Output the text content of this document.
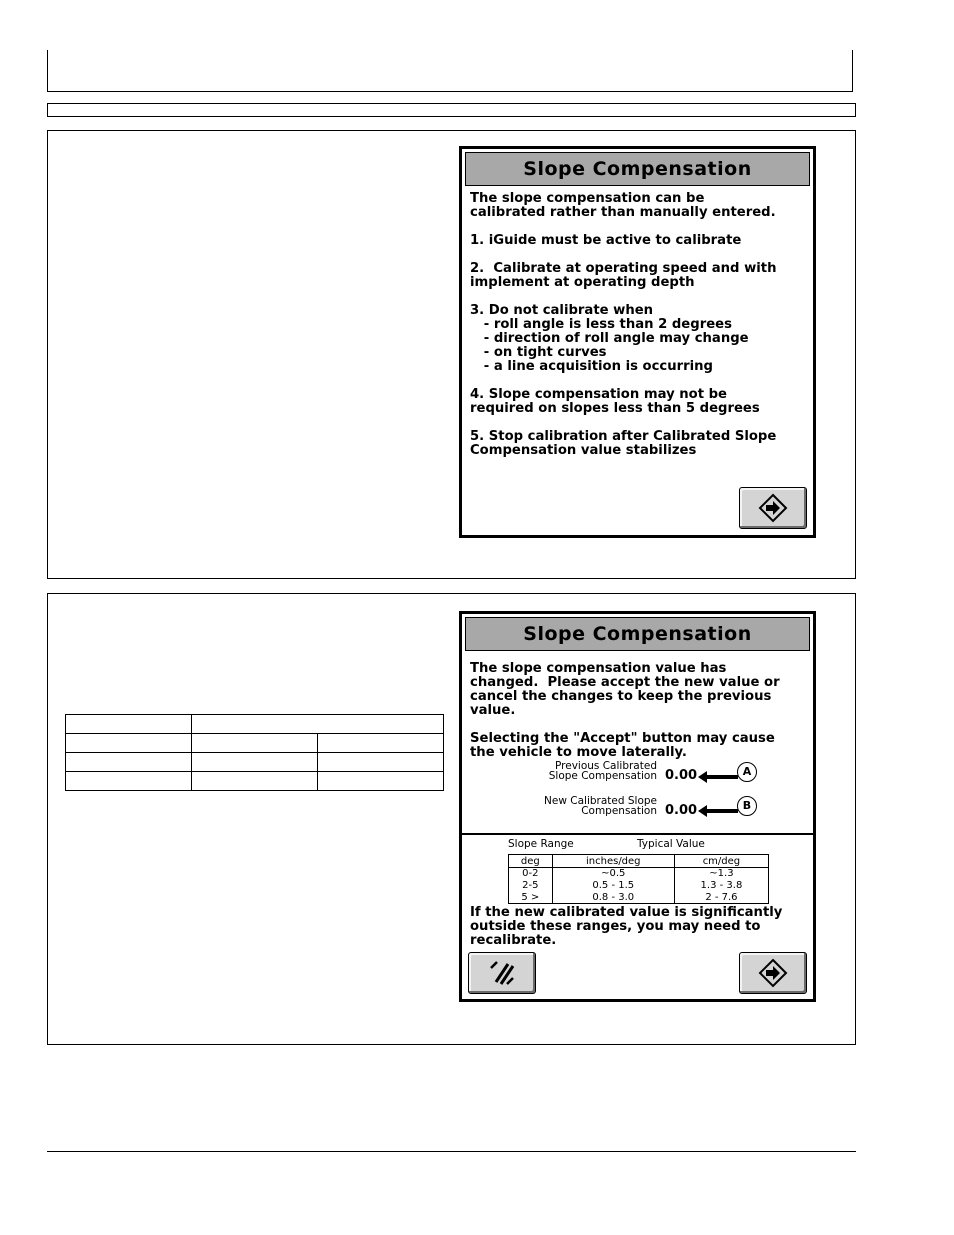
Slope Compensation
The slope compensation can be
calibrated rather than manually entered.

1. iGuide must be active to calibrate

2.  Calibrate at operating speed and with
implement at operating depth

3. Do not calibrate when
- roll angle is less than 2 degrees
- direction of roll angle may change
- on tight curves
- a line acquisition is occurring

4. Slope compensation may not be
required on slopes less than 5 degrees

5. Stop calibration after Calibrated Slope
Compensation value stabilizes

Slope Compensation
The slope compensation value has
changed.  Please accept the new value or
cancel the changes to keep the previous
value.

Selecting the "Accept" button may cause
the vehicle to move laterally.
Previous Calibrated
Slope Compensation 0.00	A
New Calibrated Slope
Compensation 0.00	B
Slope Range	Typical Value
deg	inches/deg	cm/deg
0-2	~0.5	~1.3
2-5	0.5 - 1.5	1.3 - 3.8
5 >	0.8 - 3.0	2 - 7.6
If the new calibrated value is significantly
outside these ranges, you may need to
recalibrate.
